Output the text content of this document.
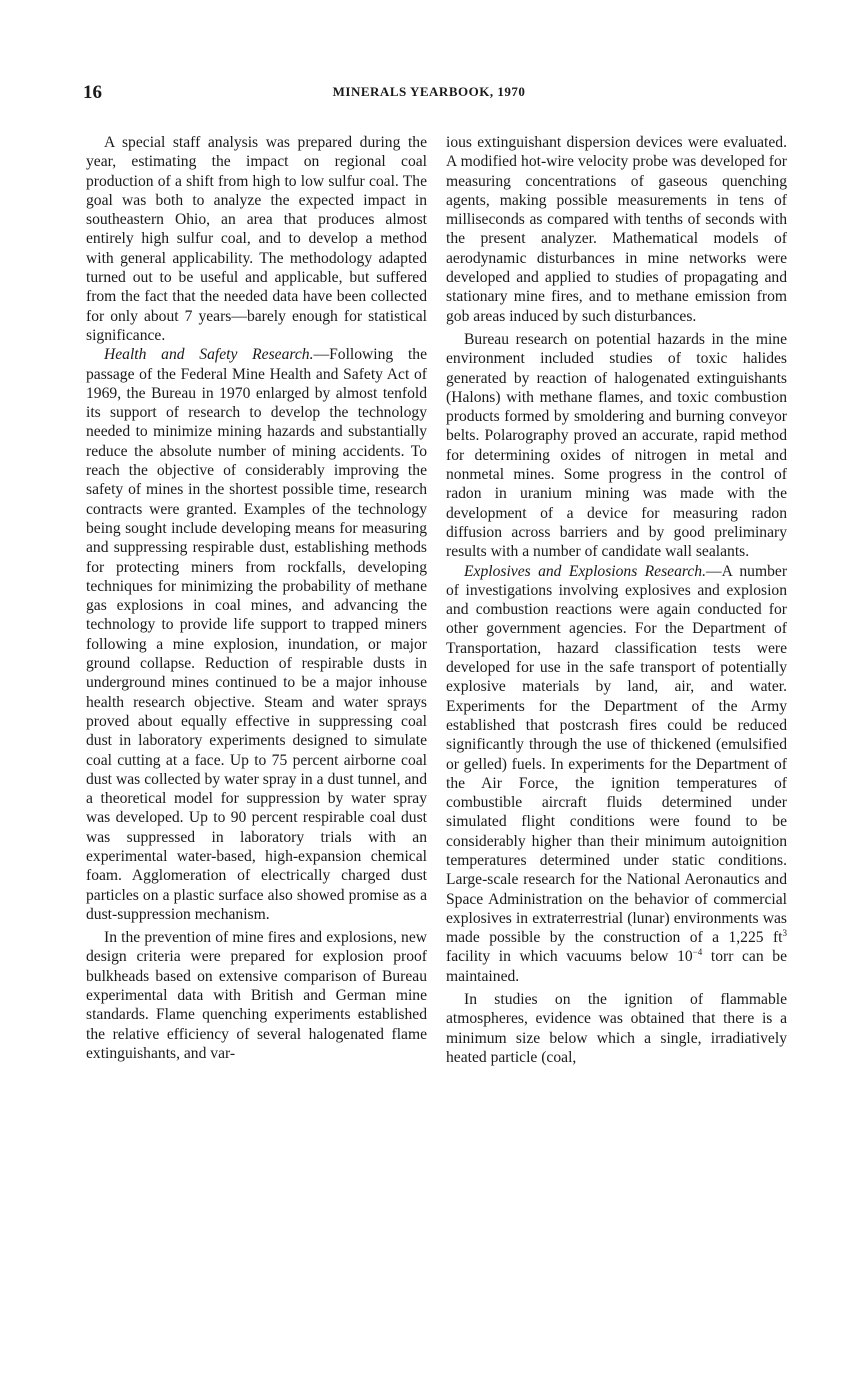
16	MINERALS YEARBOOK, 1970

A special staff analysis was prepared during the year, estimating the impact on regional coal production of a shift from high to low sulfur coal. The goal was both to analyze the expected impact in southeastern Ohio, an area that produces almost entirely high sulfur coal, and to develop a method with general applicability. The methodology adapted turned out to be useful and applicable, but suffered from the fact that the needed data have been collected for only about 7 years—barely enough for statistical significance.

Health and Safety Research.—Following the passage of the Federal Mine Health and Safety Act of 1969, the Bureau in 1970 enlarged by almost tenfold its support of research to develop the technology needed to minimize mining hazards and substantially reduce the absolute number of mining accidents. To reach the objective of considerably improving the safety of mines in the shortest possible time, research contracts were granted. Examples of the technology being sought include developing means for measuring and suppressing respirable dust, establishing methods for protecting miners from rockfalls, developing techniques for minimizing the probability of methane gas explosions in coal mines, and advancing the technology to provide life support to trapped miners following a mine explosion, inundation, or major ground collapse. Reduction of respirable dusts in underground mines continued to be a major inhouse health research objective. Steam and water sprays proved about equally effective in suppressing coal dust in laboratory experiments designed to simulate coal cutting at a face. Up to 75 percent airborne coal dust was collected by water spray in a dust tunnel, and a theoretical model for suppression by water spray was developed. Up to 90 percent respirable coal dust was suppressed in laboratory trials with an experimental water-based, high-expansion chemical foam. Agglomeration of electrically charged dust particles on a plastic surface also showed promise as a dust-suppression mechanism.

In the prevention of mine fires and explosions, new design criteria were prepared for explosion proof bulkheads based on extensive comparison of Bureau experimental data with British and German mine standards. Flame quenching experiments established the relative efficiency of several halogenated flame extinguishants, and var-

ious extinguishant dispersion devices were evaluated. A modified hot-wire velocity probe was developed for measuring concentrations of gaseous quenching agents, making possible measurements in tens of milliseconds as compared with tenths of seconds with the present analyzer. Mathematical models of aerodynamic disturbances in mine networks were developed and applied to studies of propagating and stationary mine fires, and to methane emission from gob areas induced by such disturbances.

Bureau research on potential hazards in the mine environment included studies of toxic halides generated by reaction of halogenated extinguishants (Halons) with methane flames, and toxic combustion products formed by smoldering and burning conveyor belts. Polarography proved an accurate, rapid method for determining oxides of nitrogen in metal and nonmetal mines. Some progress in the control of radon in uranium mining was made with the development of a device for measuring radon diffusion across barriers and by good preliminary results with a number of candidate wall sealants.

Explosives and Explosions Research.—A number of investigations involving explosives and explosion and combustion reactions were again conducted for other government agencies. For the Department of Transportation, hazard classification tests were developed for use in the safe transport of potentially explosive materials by land, air, and water. Experiments for the Department of the Army established that postcrash fires could be reduced significantly through the use of thickened (emulsified or gelled) fuels. In experiments for the Department of the Air Force, the ignition temperatures of combustible aircraft fluids determined under simulated flight conditions were found to be considerably higher than their minimum autoignition temperatures determined under static conditions. Large-scale research for the National Aeronautics and Space Administration on the behavior of commercial explosives in extraterrestrial (lunar) environments was made possible by the construction of a 1,225 $ft^3$ facility in which vacuums below $10^{-4}$ torr can be maintained.

In studies on the ignition of flammable atmospheres, evidence was obtained that there is a minimum size below which a single, irradiatively heated particle (coal,
